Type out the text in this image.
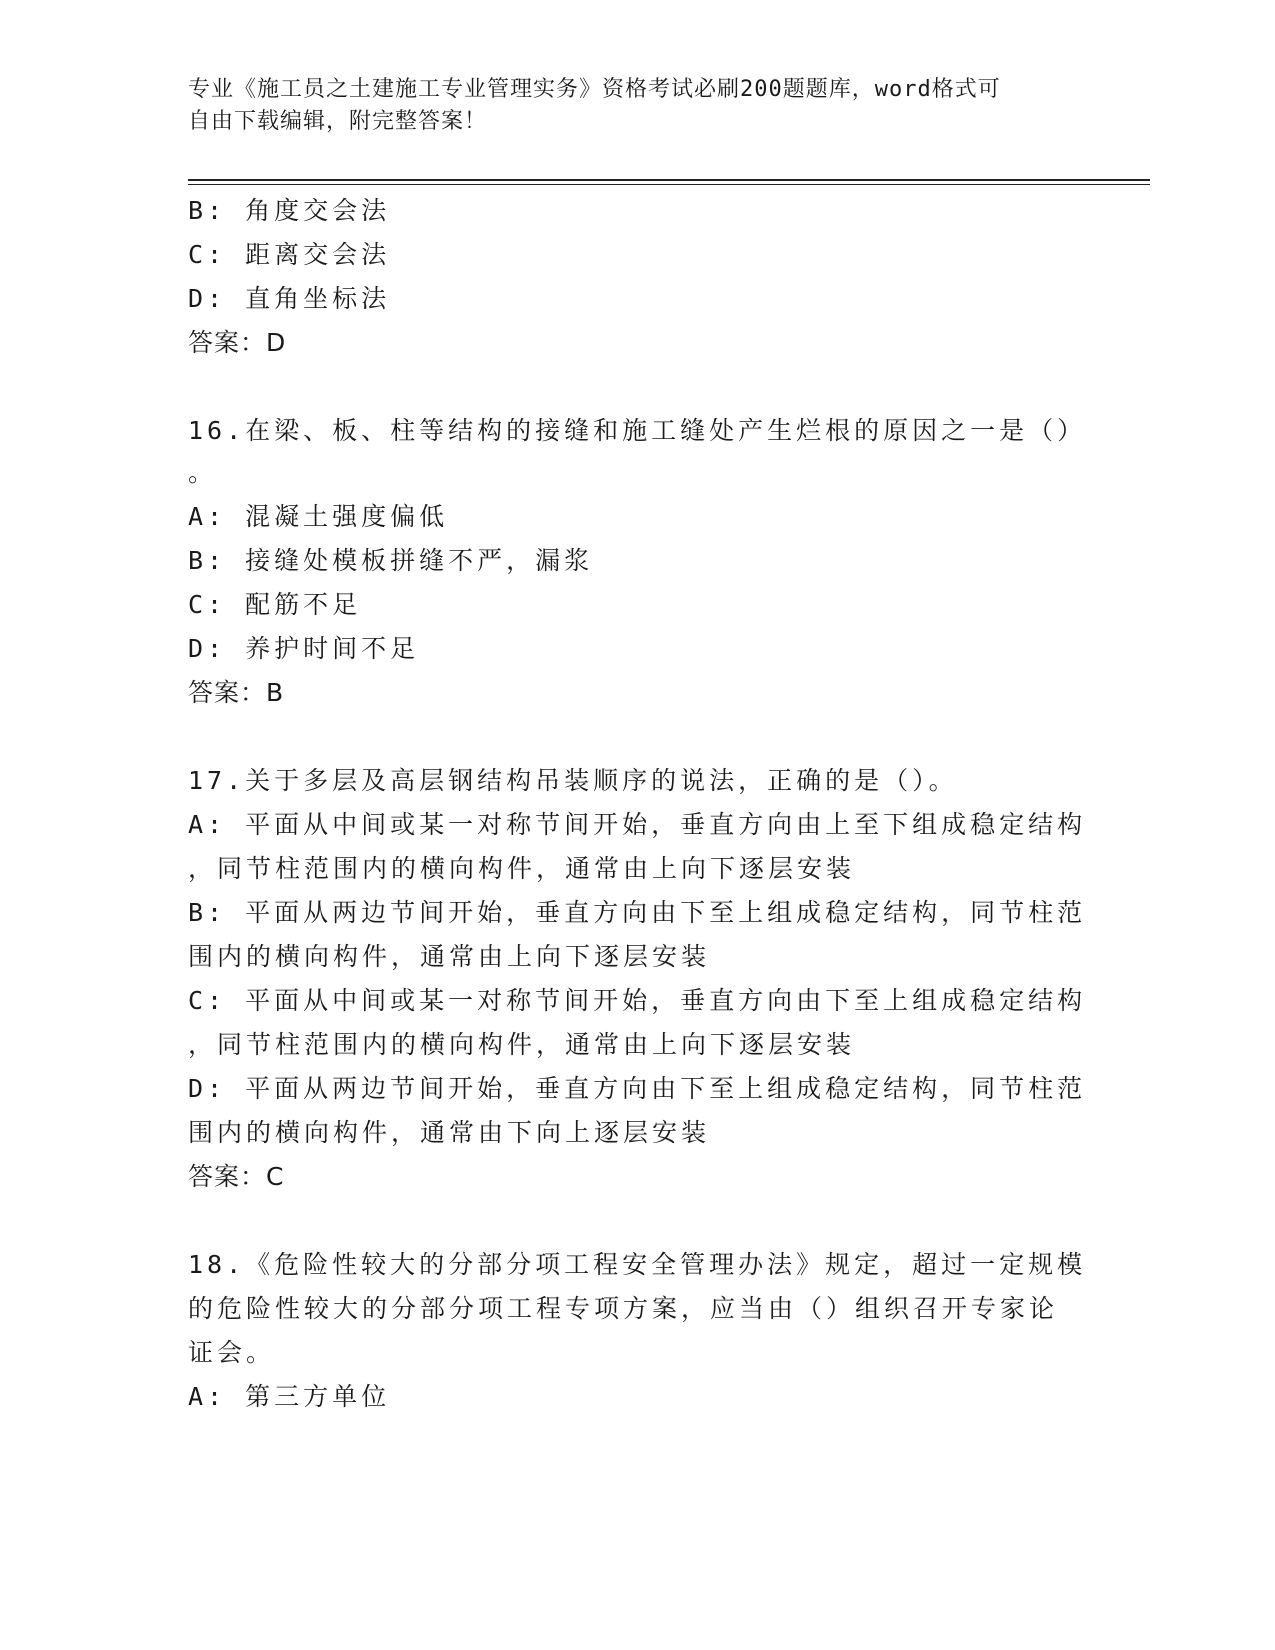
专业《施工员之土建施工专业管理实务》资格考试必刷200题题库，word格式可
自由下载编辑，附完整答案！
B: 角度交会法
C: 距离交会法
D: 直角坐标法
答案：D
16.在梁、板、柱等结构的接缝和施工缝处产生烂根的原因之一是（）
。
A: 混凝土强度偏低
B: 接缝处模板拼缝不严，漏浆
C: 配筋不足
D: 养护时间不足
答案：B
17.关于多层及高层钢结构吊装顺序的说法，正确的是（）。
A: 平面从中间或某一对称节间开始，垂直方向由上至下组成稳定结构
，同节柱范围内的横向构件，通常由上向下逐层安装
B: 平面从两边节间开始，垂直方向由下至上组成稳定结构，同节柱范
围内的横向构件，通常由上向下逐层安装
C: 平面从中间或某一对称节间开始，垂直方向由下至上组成稳定结构
，同节柱范围内的横向构件，通常由上向下逐层安装
D: 平面从两边节间开始，垂直方向由下至上组成稳定结构，同节柱范
围内的横向构件，通常由下向上逐层安装
答案：C
18.《危险性较大的分部分项工程安全管理办法》规定，超过一定规模
的危险性较大的分部分项工程专项方案，应当由（）组织召开专家论
证会。
A: 第三方单位
